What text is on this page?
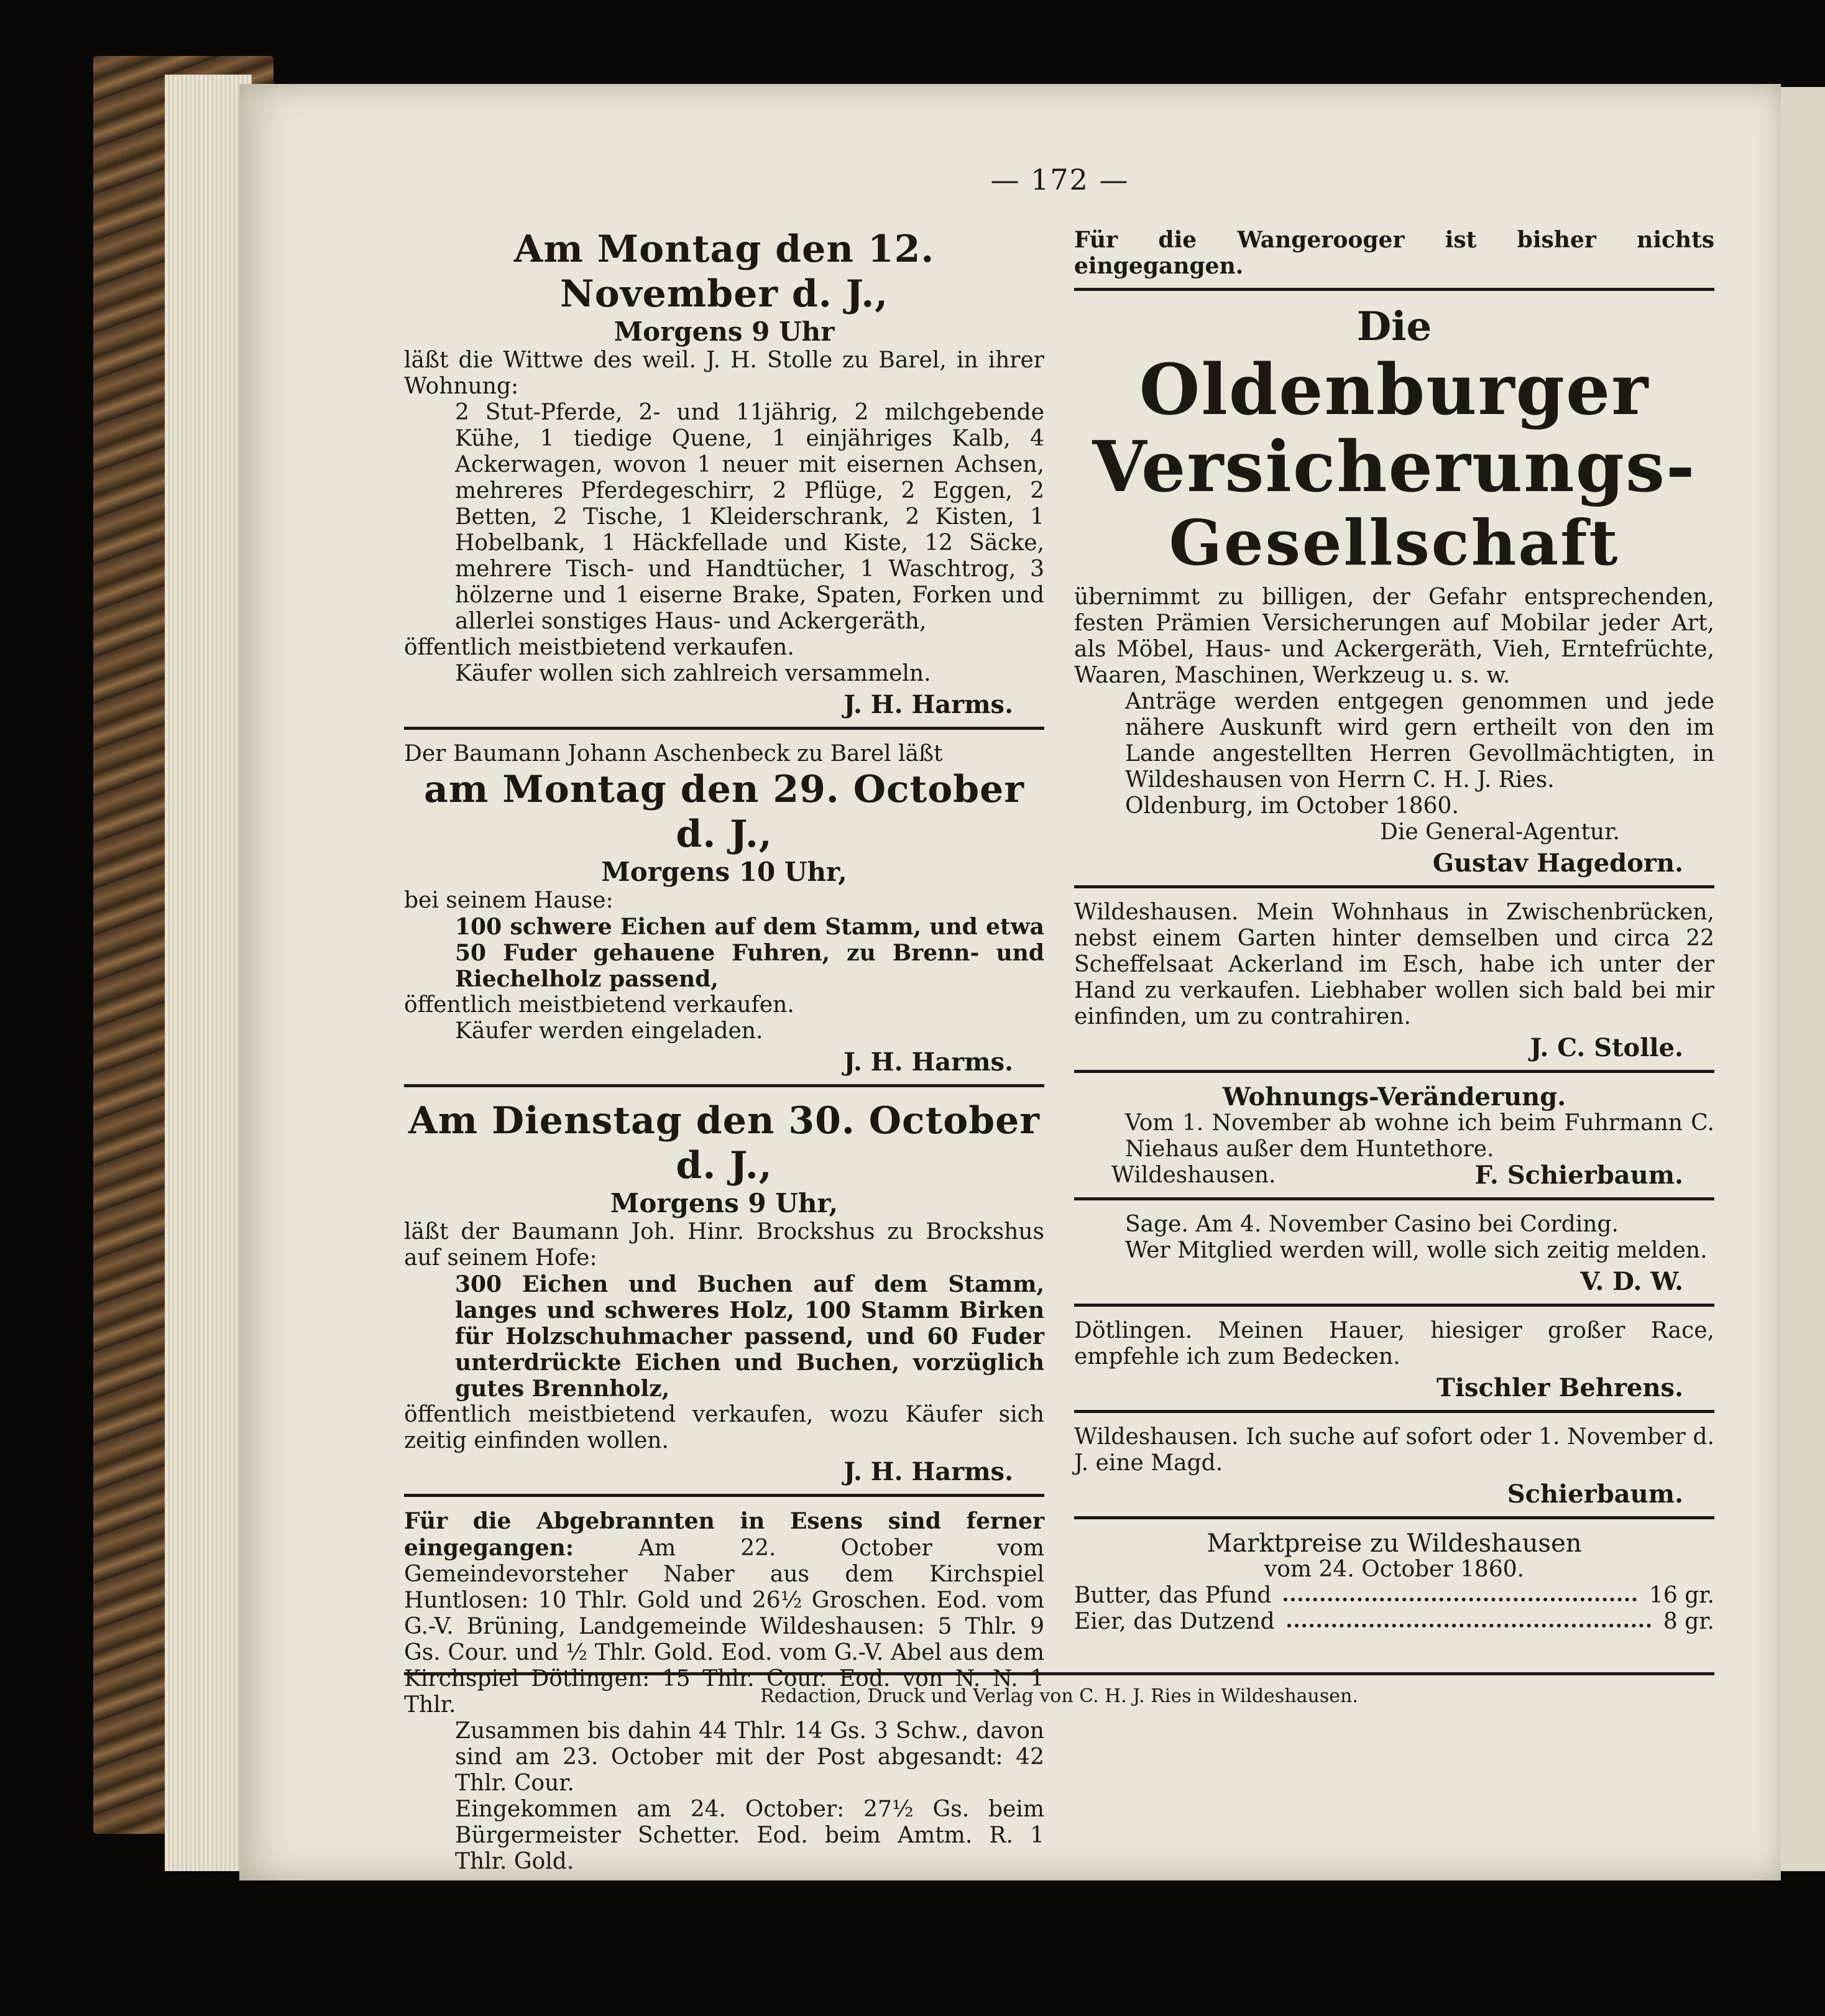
— 172 —
Am Montag den 12. November d. J.,
Morgens 9 Uhr

läßt die Wittwe des weil. J. H. Stolle zu Barel, in ihrer Wohnung:

2 Stut-Pferde, 2- und 11jährig, 2 milchgebende Kühe, 1 tiedige Quene, 1 einjähriges Kalb, 4 Ackerwagen, wovon 1 neuer mit eisernen Achsen, mehreres Pferdegeschirr, 2 Pflüge, 2 Eggen, 2 Betten, 2 Tische, 1 Kleiderschrank, 2 Kisten, 1 Hobelbank, 1 Häckfellade und Kiste, 12 Säcke, mehrere Tisch- und Handtücher, 1 Waschtrog, 3 hölzerne und 1 eiserne Brake, Spaten, Forken und allerlei sonstiges Haus- und Ackergeräth,

öffentlich meistbietend verkaufen.

Käufer wollen sich zahlreich versammeln.

J. H. Harms.

Der Baumann Johann Aschenbeck zu Barel läßt

am Montag den 29. October d. J.,
Morgens 10 Uhr,

bei seinem Hause:

100 schwere Eichen auf dem Stamm, und etwa 50 Fuder gehauene Fuhren, zu Brenn- und Riechelholz passend,

öffentlich meistbietend verkaufen.

Käufer werden eingeladen.

J. H. Harms.
Am Dienstag den 30. October d. J.,
Morgens 9 Uhr,

läßt der Baumann Joh. Hinr. Brockshus zu Brockshus auf seinem Hofe:

300 Eichen und Buchen auf dem Stamm, langes und schweres Holz, 100 Stamm Birken für Holzschuhmacher passend, und 60 Fuder unterdrückte Eichen und Buchen, vorzüglich gutes Brennholz,

öffentlich meistbietend verkaufen, wozu Käufer sich zeitig einfinden wollen.

J. H. Harms.

Für die Abgebrannten in Esens sind ferner eingegangen:	Am 22. October vom Gemeindevorsteher Naber aus dem Kirchspiel Huntlosen: 10 Thlr. Gold und 26½ Groschen. Eod. vom G.-V. Brüning, Landgemeinde Wildeshausen: 5 Thlr. 9 Gs. Cour. und ½ Thlr. Gold. Eod. vom G.-V. Abel aus dem Kirchspiel Dötlingen: 15 Thlr. Cour. Eod. von N. N. 1 Thlr.

Zusammen bis dahin 44 Thlr. 14 Gs. 3 Schw., davon sind am 23. October mit der Post abgesandt: 42 Thlr. Cour.

Eingekommen am 24. October: 27½ Gs. beim Bürgermeister Schetter. Eod. beim Amtm. R. 1 Thlr. Gold.

Für die Wangerooger ist bisher nichts eingegangen.

Die
Oldenburger Versicherungs-
Gesellschaft

übernimmt zu billigen, der Gefahr entsprechenden, festen Prämien Versicherungen auf Mobilar jeder Art, als Möbel, Haus- und Ackergeräth, Vieh, Erntefrüchte, Waaren, Maschinen, Werkzeug u. s. w.

Anträge werden entgegen genommen und jede nähere Auskunft wird gern ertheilt von den im Lande angestellten Herren Gevollmächtigten, in Wildeshausen von Herrn C. H. J. Ries.

Oldenburg, im October 1860.

Die General-Agentur.
Gustav Hagedorn.

Wildeshausen. Mein Wohnhaus in Zwischenbrücken, nebst einem Garten hinter demselben und circa 22 Scheffelsaat Ackerland im Esch, habe ich unter der Hand zu verkaufen. Liebhaber wollen sich bald bei mir einfinden, um zu contrahiren.

J. C. Stolle.
Wohnungs-Veränderung.

Vom 1. November ab wohne ich beim Fuhrmann C. Niehaus außer dem Huntethore.

Wildeshausen.	F. Schierbaum.

Sage. Am 4. November Casino bei Cording.

Wer Mitglied werden will, wolle sich zeitig melden.

V. D. W.

Dötlingen. Meinen Hauer, hiesiger großer Race, empfehle ich zum Bedecken.

Tischler Behrens.

Wildeshausen. Ich suche auf sofort oder 1. November d. J. eine Magd.

Schierbaum.
Marktpreise zu Wildeshausen
vom 24. October 1860.
Butter, das Pfund	16 gr.
Eier, das Dutzend	8 gr.
Redaction, Druck und Verlag von C. H. J. Ries in Wildeshausen.
